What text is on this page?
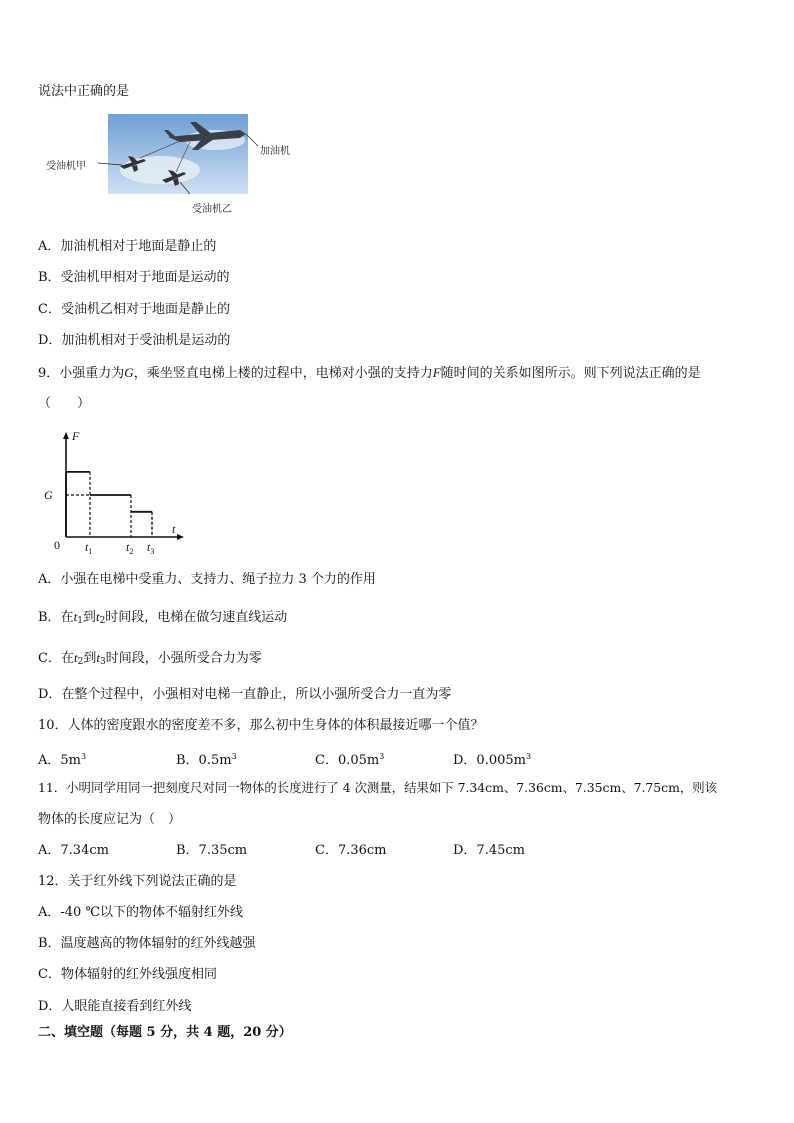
说法中正确的是
加油机
受油机甲
受油机乙
A．加油机相对于地面是静止的
B．受油机甲相对于地面是运动的
C．受油机乙相对于地面是静止的
D．加油机相对于受油机是运动的
9．小强重力为G，乘坐竖直电梯上楼的过程中，电梯对小强的支持力F随时间的关系如图所示。则下列说法正确的是
（　　）
F
t
G
0 $t_1$	$t_2$ $t_3$
A．小强在电梯中受重力、支持力、绳子拉力 3 个力的作用
B．在$t_1$到$t_2$时间段，电梯在做匀速直线运动
C．在$t_2$到$t_3$时间段，小强所受合力为零
D．在整个过程中，小强相对电梯一直静止，所以小强所受合力一直为零
10．人体的密度跟水的密度差不多，那么初中生身体的体积最接近哪一个值？
A．$5m^3$	B．$0.5m^3$	C．$0.05m^3$	D．$0.005m^3$
11．小明同学用同一把刻度尺对同一物体的长度进行了 4 次测量，结果如下 7.34cm、7.36cm、7.35cm、7.75cm，则该
物体的长度应记为（　）
A．7.34cm	B．7.35cm	C．7.36cm	D．7.45cm
12．关于红外线下列说法正确的是
A．-40 ℃以下的物体不辐射红外线
B．温度越高的物体辐射的红外线越强
C．物体辐射的红外线强度相同
D．人眼能直接看到红外线
二、填空题（每题 5 分，共 4 题，20 分）
